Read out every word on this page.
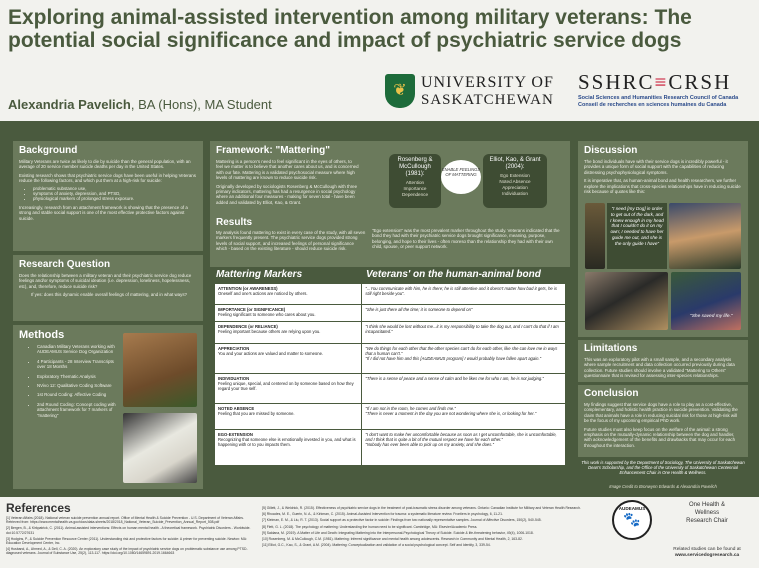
Exploring animal-assisted intervention among military veterans: The potential social significance and impact of psychiatric service dogs
Alexandria Pavelich, BA (Hons), MA Student
❦ UNIVERSITY OF
SASKATCHEWAN
SSHRC≡CRSH
Social Sciences and Humanities Research Council of Canada
Conseil de recherches en sciences humaines du Canada
Background
Military Veterans are twice as likely to die by suicide than the general population, with an average of 20 service member suicide deaths per day in the United States.
Existing research shows that psychiatric service dogs have been useful in helping Veterans reduce the following factors, and which put them at a high-risk for suicide:
• problematic substance use,
• symptoms of anxiety, depression, and PTSD,
• physiological markers of prolonged stress exposure.
Increasingly, research from an attachment framework is showing that the presence of a strong and stable social support is one of the most effective protective factors against suicide.
Research Question
Does the relationship between a military veteran and their psychiatric service dog reduce feelings and/or symptoms of suicidal ideation (i.e. depression, loneliness, hopelessness, etc), and, therefore, reduce suicide risk?
If yes: does this dynamic enable overall feelings of mattering, and in what ways?
Methods
• Canadian Military Veterans working with AUDEAMUS Service Dog Organization
• 4 Participants - 28 Interview Transcripts over 18 Months
• Exploratory Thematic Analysis
• NVivo 12: Qualitative Coding Software
• 1st Round Coding: Affective Coding
• 2nd Round Coding: Concept coding with attachment framework for 7 markers of "mattering"
Framework: "Mattering"
Mattering is a person's need to feel significant in the eyes of others, to feel we matter is to believe that another cares about us, and is concerned with our fate. Mattering is a validated psychosocial measure where high levels of mattering are known to reduce suicide risk.
Originally developed by sociologists Rosenberg & McCullough with three primary indicators, mattering has had a resurgence in social psychology where an additional four measures - making for seven total - have been added and validated by Elliot, Kao, & Grant.
Rosenberg & McCullough (1981):
Attention
Importance
Dependence
ENABLE FEELINGS OF MATTERING
Elliot, Kao, & Grant (2004):
Ego Extension
Noted Absence
Appreciation
Individuation
Results
My analysis found mattering to exist in every case of the study, with all seven markers frequently present. The psychiatric service dogs provided strong levels of social support, and increased feelings of personal significance which - based on the existing literature - should reduce suicide risk.
"Ego extension" was the most prevalent marker throughout the study. Veterans indicated that the bond they had with their psychiatric service dogs brought significance, meaning, purpose, belonging, and hope to their lives - often moreso than the relationship they had with their own child, spouse, or peer support network.
Mattering Markers	Veterans' on the human-animal bond
ATTENTION (or AWARENESS)
Oneself and one's actions are noticed by others.	"...You communicate with him, he is there; he is still attentive and it doesn't matter how bad it gets, he is still right beside you".
IMPORTANCE (or SIGNIFICANCE)
Feeling significant to someone who cares about you.	"She is just there all the time; it is someone to depend on"
DEPENDENCE (or RELIANCE)
Feeling important because others are relying upon you.	"I think she would be lost without me...it is my responsibility to take the dog out, and I can't do that if I am incapacitated."
APPRECIATION
You and your actions are valued and matter to someone.	"We do things for each other that the other species can't do for each other, like she can love me in ways that a human can't."
"If I did not have him and this [AUDEAMUS program] I would probably have fallen apart again."
INDIVIDUATION
Feeling unique, special, and centered on by someone based on how they regard your true self.	"There is a sense of peace and a sense of calm and he likes me for who I am, he is not judging."
NOTED ABSENCE
Feeling that you are missed by someone.	"If I am not in the room, he comes and finds me."
"There is never a moment in the day you are not wondering where she is, or looking for her."
EGO-EXTENSION
Recognizing that someone else is emotionally invested in you, and what is happening with or to you impacts them.	"I don't want to make her uncomfortable because as soon as I get uncomfortable, she is uncomfortable, and I think that is quite a bit of the mutual respect we have for each other."
"Nobody has ever been able to pick up on my anxiety, and she does."
Discussion
The bond individuals have with their service dogs is incredibly powerful - it provides a unique form of social support with the capabilities of reducing distressing psychophysiological symptoms.
It is imperative that, as human-animal bond and health researchers, we further explore the implications that cross-species relationships have in reducing suicide risk because of quotes like this:
"I need [my Dog] in order to get out of the dark, and I knew enough in my head that I couldn't do it on my own; I needed to have her guide me out, and she is the only guide I have"
"She saved my life."
Limitations
This was an exploratory pilot with a small sample, and a secondary analysis where sample recruitment and data collection occurred previously during data collection. Future studies should involve a validated "Mattering to Others" questionnaire that is revised for assessing inter-species relationships.
Conclusion
My findings suggest that service dogs have a role to play as a cost-effective, complementary, and holistic health practice in suicide prevention. Validating the claim that animals have a role in reducing suicidal risk for those at high-risk will be the focus of my upcoming empirical PhD work.
Future studies must also keep focus on the welfare of the animal: a strong emphasis on the mutually-dynamic relationship between the dog and handler, with acknowledgement of the benefits and drawbacks that may occur for each throughout the interaction.
This work is supported by the Department of Sociology, The University of Saskatchewan Dean's Scholarship, and the Office of the University of Saskatchewan Centennial Enhancement Chair in One Health & Wellness.
Image Credit to Bronwynn Edwards & Alexandria Pavelich
References
[1] Veteran Affairs (2018). National veteran suicide prevention annual report. Office of Mental Health & Suicide Prevention - U.S. Department of Veteran Affairs. Retrieved from: https://www.mentalhealth.va.gov/docs/data-sheets/2018/2018_National_Veteran_Suicide_Prevention_Annual_Report_508.pdf
[2] Bergen, B., & Kirkpatrick, C. (2011). Animal-assisted interventions: Effects on human mental health - A theoretical framework. Psychiatric Disorders - Worldwide. doi:10.5772/27631
[3] Hodgins, P., & Suicide Prevention Resource Center (2011). Understanding risk and protective factors for suicide: A primer for preventing suicide. Newton: MA: Education Development Center, Inc.
[4] Husband, A., Ahmed, A., & Dell, C. A. (2020). An exploratory case study of the impact of psychiatric service dogs on problematic substance use among PTSD-diagnosed veterans. Journal of Substance Use, 25(2), 113-117. https://doi.org/10.1080/14659891.2019.1664663
[5] Gillett, J., & Weldrick, R. (2015). Effectiveness of psychiatric service dogs in the treatment of post-traumatic stress disorder among veterans. Ontario: Canadian Institute for Military and Veteran Health Research.
[6] Rhoades, M. E., Guerin, N. A., & Kirkman, C. (2015). Animal-Assisted Intervention for trauma: a systematic literature review. Frontiers in psychology, 6, 11-21.
[7] Kleiman, E. M., & Liu, R. T. (2013). Social support as a protective factor in suicide: Findings from two nationally representative samples. Journal of Affective Disorders, 150(2), 540-545.
[8] Flett, G. L. (2018). The psychology of mattering: Understanding the human need to be significant. Cambridge, MA: Elsevier/Academic Press.
[9] Saldana, M. (2019). A Matter of Life and Death: Integrating Mattering into the Interpersonal-Psychological Theory of Suicide. Suicide & life-threatening behavior, 49(4), 1006-1018.
[10] Rosenberg, M. & McCullough, C.M. (1981). Mattering: Inferred significance and mental health among adolescents. Research in Community and Mental Health, 2, 163-82.
[11] Elliot, G.C., Kao, S., & Grant, A.M. (2004). Mattering: Conceptualization and validation of a social psychological concept. Self and Identity, 3, 339-54.
AUDEAMUS
🐾
One Health &
Wellness
Research Chair
Related studies can be found at
www.servicedogresearch.ca
